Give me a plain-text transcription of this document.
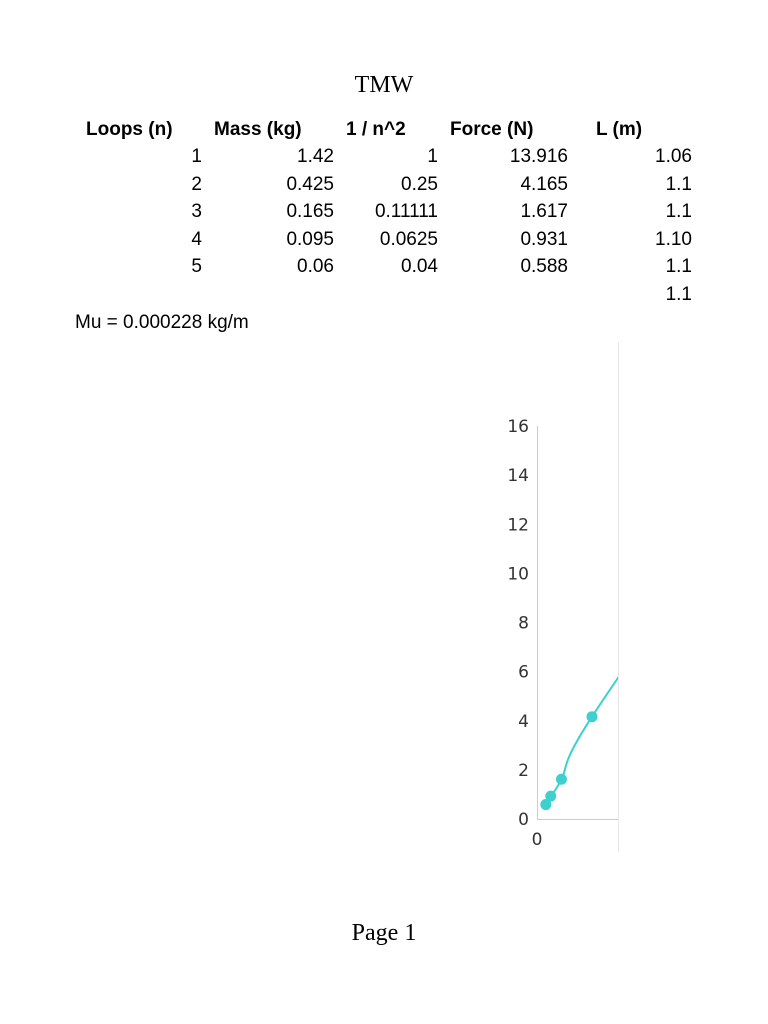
TMW
Loops (n)	Mass (kg)	1 / n^2	Force (N)	L (m)
1	1.42	1	13.916	1.06
2	0.425	0.25	4.165	1.1
3	0.165	0.11111	1.617	1.1
4	0.095	0.0625	0.931	1.10
5	0.06	0.04	0.588	1.1
				1.1
Mu = 0.000228 kg/m
0
2
4
6
8
10
12
14
16
0
Page 1
